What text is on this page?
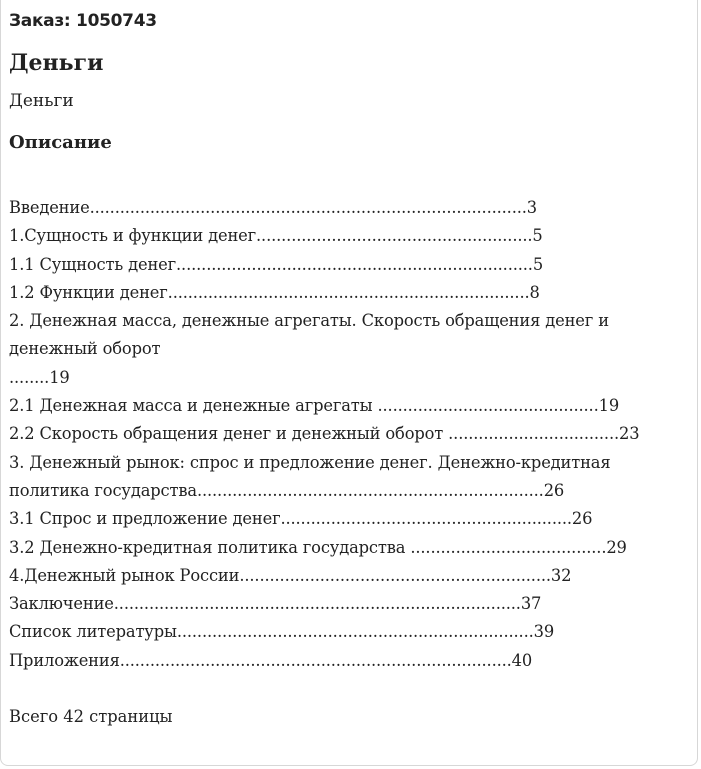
Заказ: 1050743
Деньги
Деньги
Описание
Введение.......................................................................................3
1.Сущность и функции денег.......................................................5
1.1 Сущность денег.......................................................................5
1.2 Функции денег........................................................................8
2. Денежная масса, денежные агрегаты. Скорость обращения денег и
денежный оборот
........19
2.1 Денежная масса и денежные агрегаты ............................................19
2.2 Скорость обращения денег и денежный оборот ..................................23
3. Денежный рынок: спрос и предложение денег. Денежно-кредитная
политика государства.....................................................................26
3.1 Спрос и предложение денег..........................................................26
3.2 Денежно-кредитная политика государства .......................................29
4.Денежный рынок России..............................................................32
Заключение.................................................................................37
Список литературы.......................................................................39
Приложения..............................................................................40
Всего 42 страницы
